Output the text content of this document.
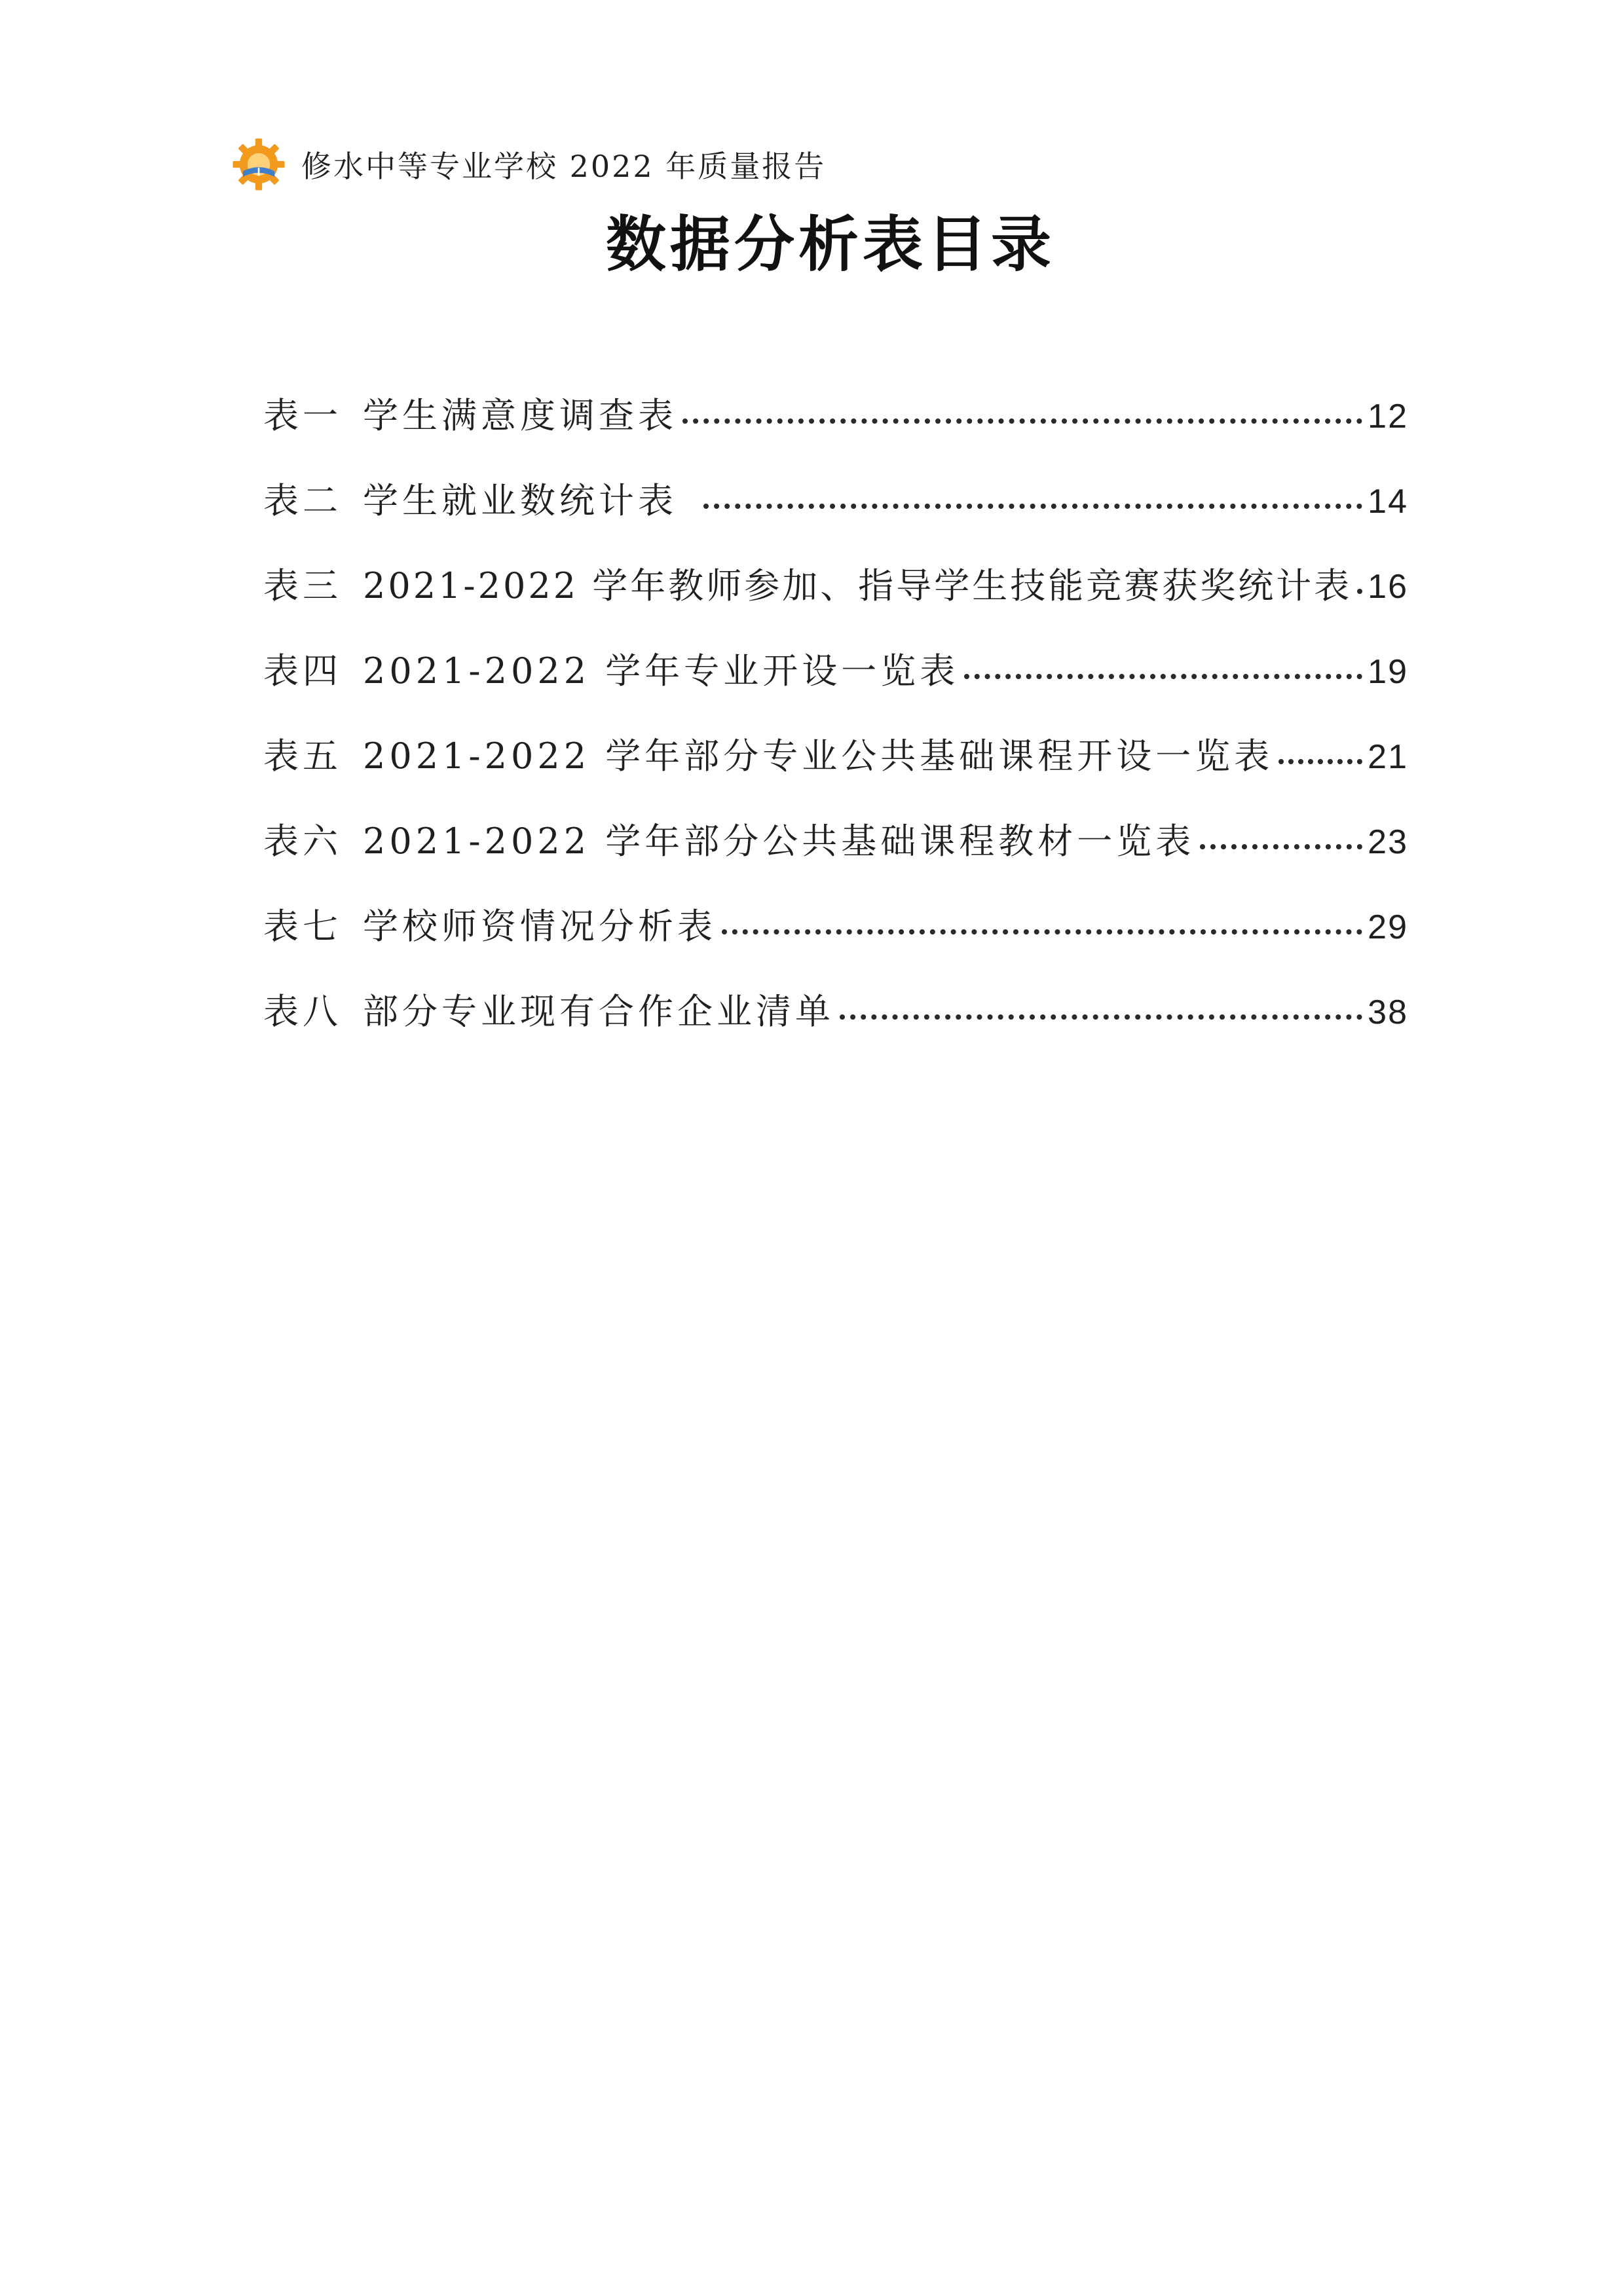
修水中等专业学校 2022 年质量报告
数据分析表目录
表一 学生满意度调查表	12
表二 学生就业数统计表	14
表三 2021-2022 学年教师参加、指导学生技能竞赛获奖统计表 16
表四 2021-2022 学年专业开设一览表	19
表五 2021-2022 学年部分专业公共基础课程开设一览表	21
表六 2021-2022 学年部分公共基础课程教材一览表	23
表七 学校师资情况分析表	29
表八 部分专业现有合作企业清单	38
